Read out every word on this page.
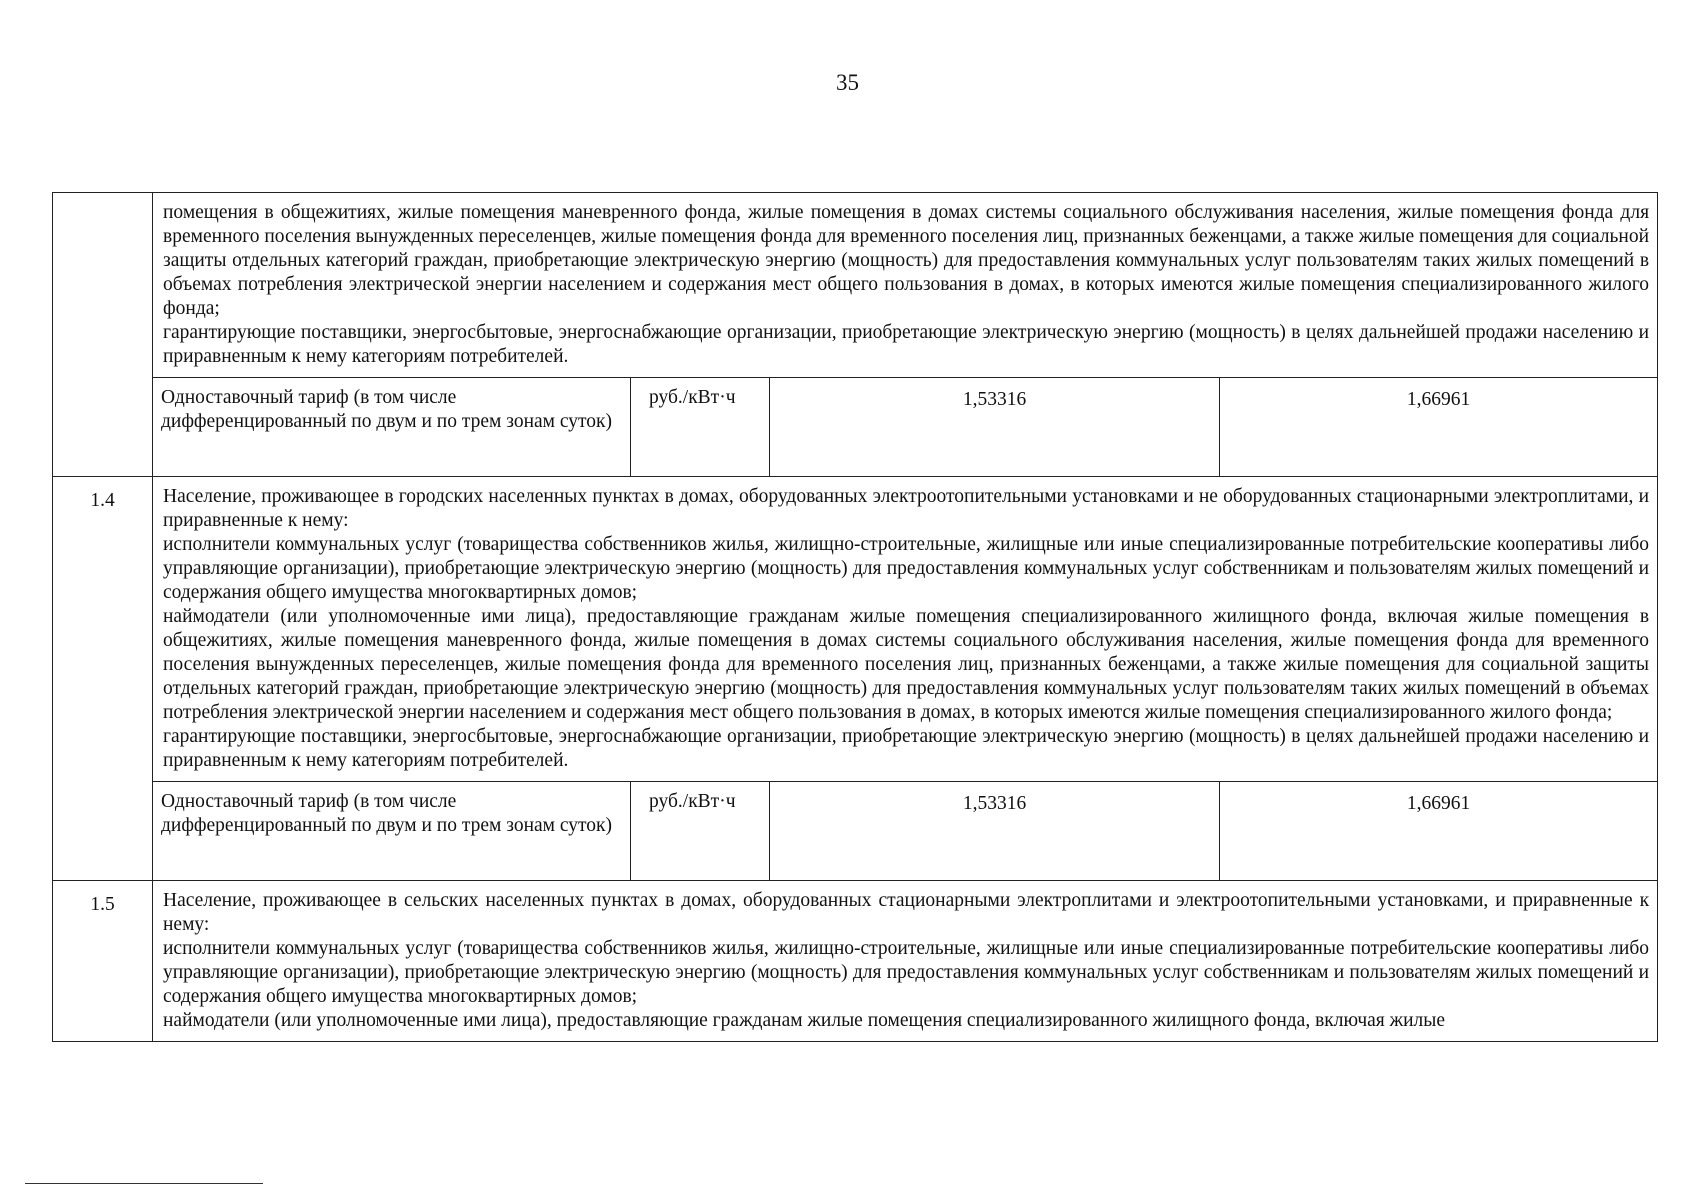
35

	помещения в общежитиях, жилые помещения маневренного фонда, жилые помещения в домах системы социального обслуживания населения, жилые помещения фонда для временного поселения вынужденных переселенцев, жилые помещения фонда для временного поселения лиц, признанных беженцами, а также жилые помещения для социальной защиты отдельных категорий граждан, приобретающие электрическую энергию (мощность) для предоставления коммунальных услуг пользователям таких жилых помещений в объемах потребления электрической энергии населением и содержания мест общего пользования в домах, в которых имеются жилые помещения специализированного жилого фонда;

гарантирующие поставщики, энергосбытовые, энергоснабжающие организации, приобретающие электрическую энергию (мощность) в целях дальнейшей продажи населению и приравненным к нему категориям потребителей.			

	Одноставочный тариф (в том числе дифференцированный по двум и по трем зонам суток)	руб./кВт·ч	1,53316	1,66961
1.4	Население, проживающее в городских населенных пунктах в домах, оборудованных электроотопительными установками и не оборудованных стационарными электроплитами, и приравненные к нему:

исполнители коммунальных услуг (товарищества собственников жилья, жилищно-строительные, жилищные или иные специализированные потребительские кооперативы либо управляющие организации), приобретающие электрическую энергию (мощность) для предоставления коммунальных услуг собственникам и пользователям жилых помещений и содержания общего имущества многоквартирных домов;

наймодатели (или уполномоченные ими лица), предоставляющие гражданам жилые помещения специализированного жилищного фонда, включая жилые помещения в общежитиях, жилые помещения маневренного фонда, жилые помещения в домах системы социального обслуживания населения, жилые помещения фонда для временного поселения вынужденных переселенцев, жилые помещения фонда для временного поселения лиц, признанных беженцами, а также жилые помещения для социальной защиты отдельных категорий граждан, приобретающие электрическую энергию (мощность) для предоставления коммунальных услуг пользователям таких жилых помещений в объемах потребления электрической энергии населением и содержания мест общего пользования в домах, в которых имеются жилые помещения специализированного жилого фонда;

гарантирующие поставщики, энергосбытовые, энергоснабжающие организации, приобретающие электрическую энергию (мощность) в целях дальнейшей продажи населению и приравненным к нему категориям потребителей.			

	Одноставочный тариф (в том числе дифференцированный по двум и по трем зонам суток)	руб./кВт·ч	1,53316	1,66961
1.5	Население, проживающее в сельских населенных пунктах в домах, оборудованных стационарными электроплитами и электроотопительными установками, и приравненные к нему:

исполнители коммунальных услуг (товарищества собственников жилья, жилищно-строительные, жилищные или иные специализированные потребительские кооперативы либо управляющие организации), приобретающие электрическую энергию (мощность) для предоставления коммунальных услуг собственникам и пользователям жилых помещений и содержания общего имущества многоквартирных домов;

наймодатели (или уполномоченные ими лица), предоставляющие гражданам жилые помещения специализированного жилищного фонда, включая жилые			
